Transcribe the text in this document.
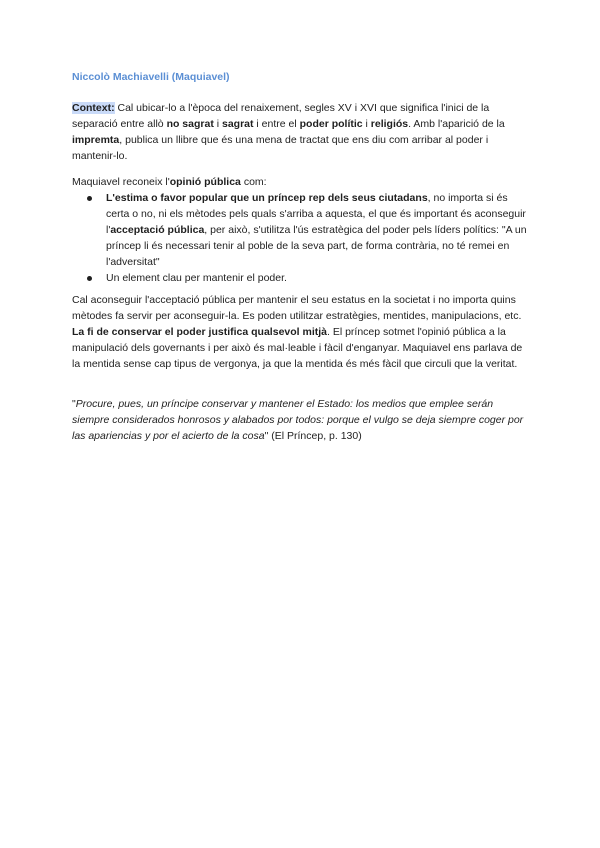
Niccolò Machiavelli (Maquiavel)

Context: Cal ubicar-lo a l'època del renaixement, segles XV i XVI que significa l'inici de la separació entre allò no sagrat i sagrat i entre el poder polític i religiós. Amb l'aparició de la impremta, publica un llibre que és una mena de tractat que ens diu com arribar al poder i mantenir-lo.

Maquiavel reconeix l'opinió pública com:

L'estima o favor popular que un príncep rep dels seus ciutadans, no importa si és certa o no, ni els mètodes pels quals s'arriba a aquesta, el que és important és aconseguir l'acceptació pública, per això, s'utilitza l'ús estratègica del poder pels líders polítics: "A un príncep li és necessari tenir al poble de la seva part, de forma contrària, no té remei en l'adversitat"
Un element clau per mantenir el poder.

Cal aconseguir l'acceptació pública per mantenir el seu estatus en la societat i no importa quins mètodes fa servir per aconseguir-la. Es poden utilitzar estratègies, mentides, manipulacions, etc. La fi de conservar el poder justifica qualsevol mitjà. El príncep sotmet l'opinió pública a la manipulació dels governants i per això és mal·leable i fàcil d'enganyar. Maquiavel ens parlava de la mentida sense cap tipus de vergonya, ja que la mentida és més fàcil que circuli que la veritat.

"Procure, pues, un príncipe conservar y mantener el Estado: los medios que emplee serán siempre considerados honrosos y alabados por todos: porque el vulgo se deja siempre coger por las apariencias y por el acierto de la cosa" (El Príncep, p. 130)
